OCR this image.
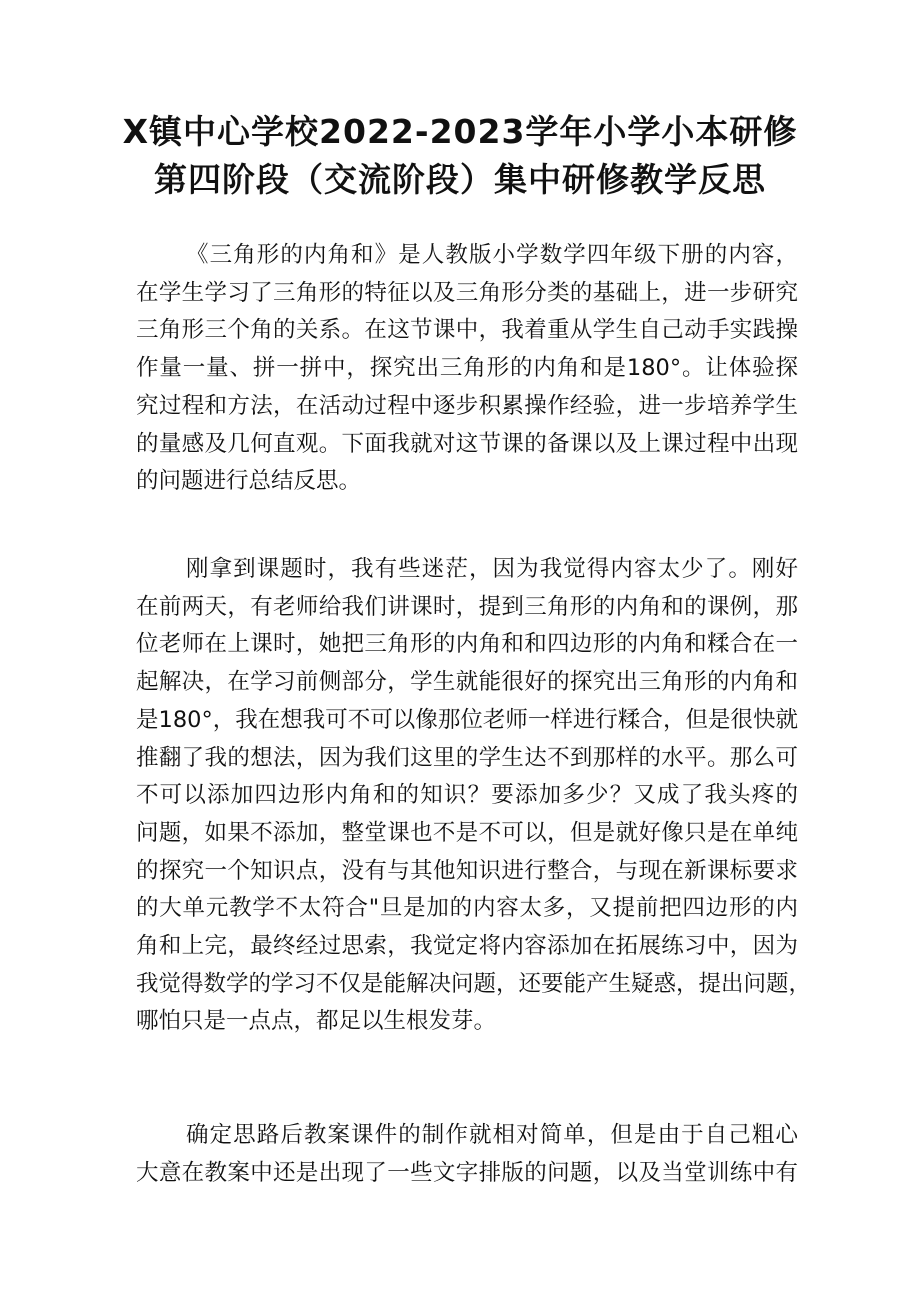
X镇中心学校2022-2023学年小学小本研修
第四阶段（交流阶段）集中研修教学反思
《三角形的内角和》是人教版小学数学四年级下册的内容，
在学生学习了三角形的特征以及三角形分类的基础上，进一步研究
三角形三个角的关系。在这节课中，我着重从学生自己动手实践操
作量一量、拼一拼中，探究出三角形的内角和是180°。让体验探
究过程和方法，在活动过程中逐步积累操作经验，进一步培养学生
的量感及几何直观。下面我就对这节课的备课以及上课过程中出现
的问题进行总结反思。
刚拿到课题时，我有些迷茫，因为我觉得内容太少了。刚好
在前两天，有老师给我们讲课时，提到三角形的内角和的课例，那
位老师在上课时，她把三角形的内角和和四边形的内角和糅合在一
起解决，在学习前侧部分，学生就能很好的探究出三角形的内角和
是180°，我在想我可不可以像那位老师一样进行糅合，但是很快就
推翻了我的想法，因为我们这里的学生达不到那样的水平。那么可
不可以添加四边形内角和的知识？要添加多少？又成了我头疼的
问题，如果不添加，整堂课也不是不可以，但是就好像只是在单纯
的探究一个知识点，没有与其他知识进行整合，与现在新课标要求
的大单元教学不太符合"旦是加的内容太多，又提前把四边形的内
角和上完，最终经过思索，我觉定将内容添加在拓展练习中，因为
我觉得数学的学习不仅是能解决问题，还要能产生疑惑，提出问题，
哪怕只是一点点，都足以生根发芽。
确定思路后教案课件的制作就相对简单，但是由于自己粗心
大意在教案中还是出现了一些文字排版的问题，以及当堂训练中有
